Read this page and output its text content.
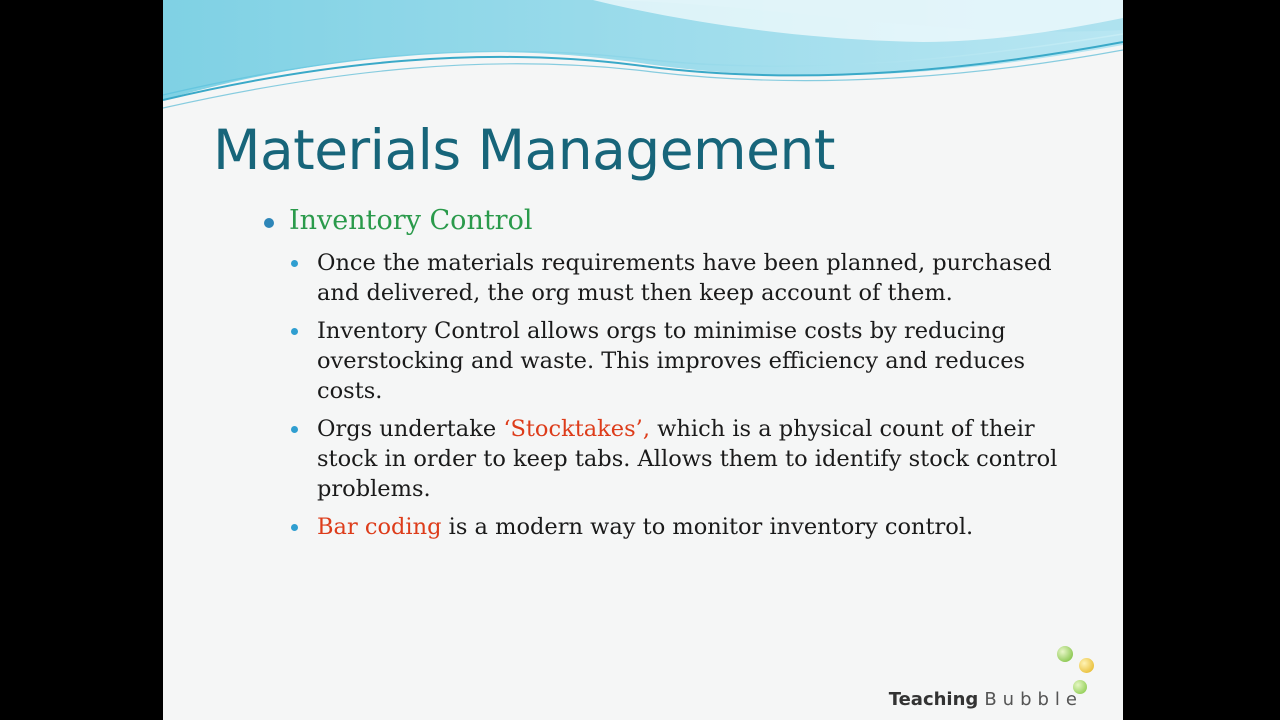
Materials Management
Inventory Control
Once the materials requirements have been planned, purchased and delivered, the org must then keep account of them.
Inventory Control allows orgs to minimise costs by reducing overstocking and waste. This improves efficiency and reduces costs.
Orgs undertake ‘Stocktakes’, which is a physical count of their stock in order to keep tabs. Allows them to identify stock control problems.
Bar coding is a modern way to monitor inventory control.
Teaching Bubble
